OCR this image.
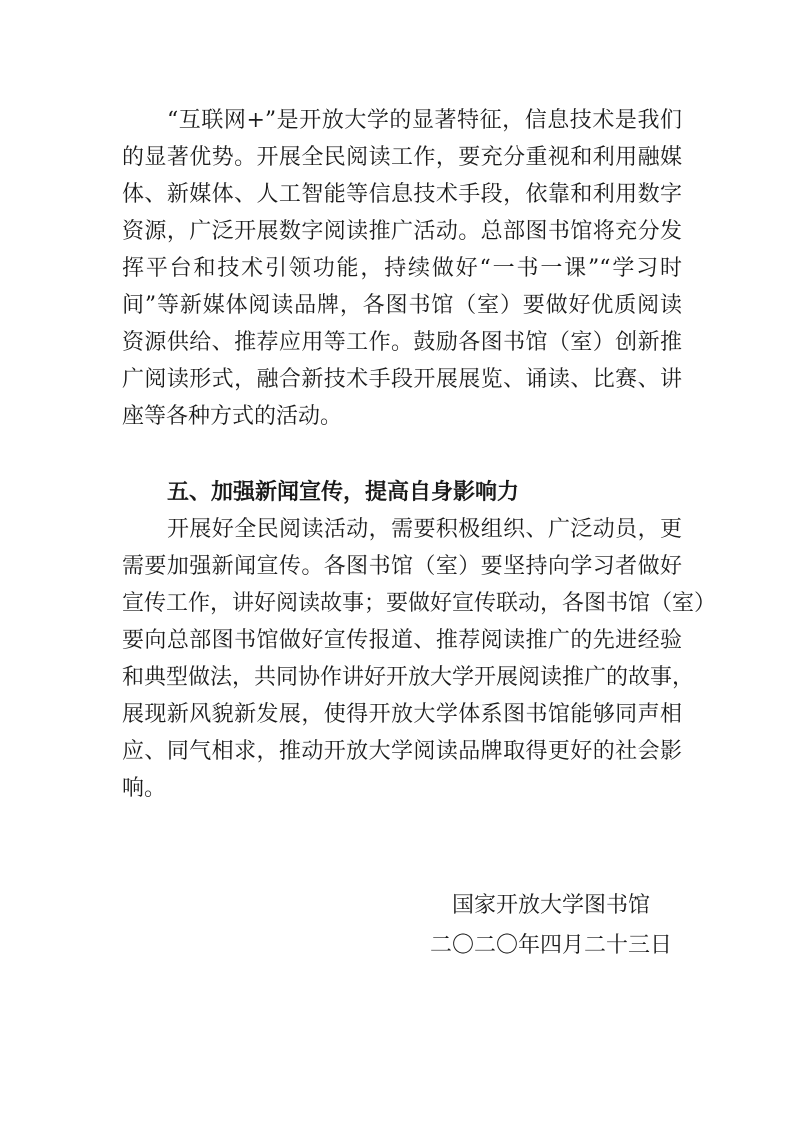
“互联网+”是开放大学的显著特征，信息技术是我们
的显著优势。开展全民阅读工作，要充分重视和利用融媒
体、新媒体、人工智能等信息技术手段，依靠和利用数字
资源，广泛开展数字阅读推广活动。总部图书馆将充分发
挥平台和技术引领功能，持续做好“一书一课”“学习时
间”等新媒体阅读品牌，各图书馆（室）要做好优质阅读
资源供给、推荐应用等工作。鼓励各图书馆（室）创新推
广阅读形式，融合新技术手段开展展览、诵读、比赛、讲
座等各种方式的活动。
五、加强新闻宣传，提高自身影响力
开展好全民阅读活动，需要积极组织、广泛动员，更
需要加强新闻宣传。各图书馆（室）要坚持向学习者做好
宣传工作，讲好阅读故事；要做好宣传联动，各图书馆（室）
要向总部图书馆做好宣传报道、推荐阅读推广的先进经验
和典型做法，共同协作讲好开放大学开展阅读推广的故事，
展现新风貌新发展，使得开放大学体系图书馆能够同声相
应、同气相求，推动开放大学阅读品牌取得更好的社会影
响。
国家开放大学图书馆
二〇二〇年四月二十三日
